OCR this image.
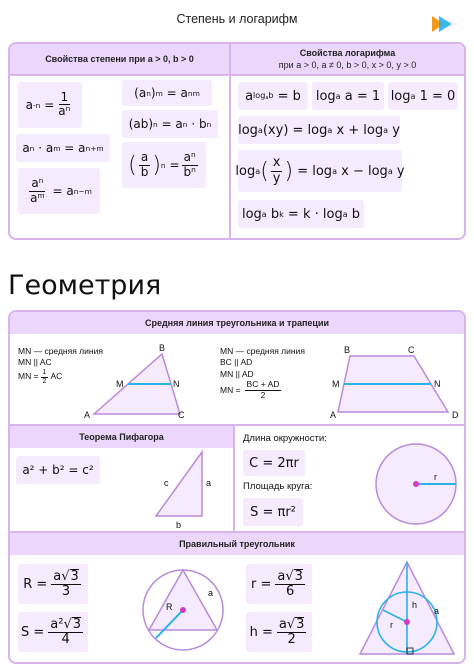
Степень и логарифм
Свойства степени при a > 0, b > 0
Свойства логарифма
при a > 0, a ≠ 0, b > 0, x > 0, y > 0
a -n
= $\frac{1}{a^n}$	(a n ) m = a nm
(ab) n = a n · b n
a n · a m = a n+m
( $\frac{a}{b}$ ) n
= $\frac{a^n}{b^n}$
$\frac{a^n}{a^m}$
= a n−m
a $\log_ab = b$ log a a = 1 log a 1 = 0
log a (xy) = log a x + log a y
log a ( $\frac{x}{y}$ ) = log a x − log a y
log a b k = k · log a b
Геометрия
Средняя линия треугольника и трапеции
MN — средняя линия
MN || AC
MN = $\frac{1}{2}$ AC
MN — средняя линия
BC || AD
MN || AD
MN = $\frac{BC + AD}{2}$
A
B
C
M	N
A
B	C
D
M	N
Теорема Пифагора
a² + b² = c²
c	a
b
Длина окружности:
C = 2πr
Площадь круга:
S = πr²
r
Правильный треугольник
$R = \frac{a√3}{3}$
$S = \frac{\text{a²√3}}{4}$
R
a
$r = \frac{a√3}{6}$
$h = \frac{a√3}{2}$
h
r
a
